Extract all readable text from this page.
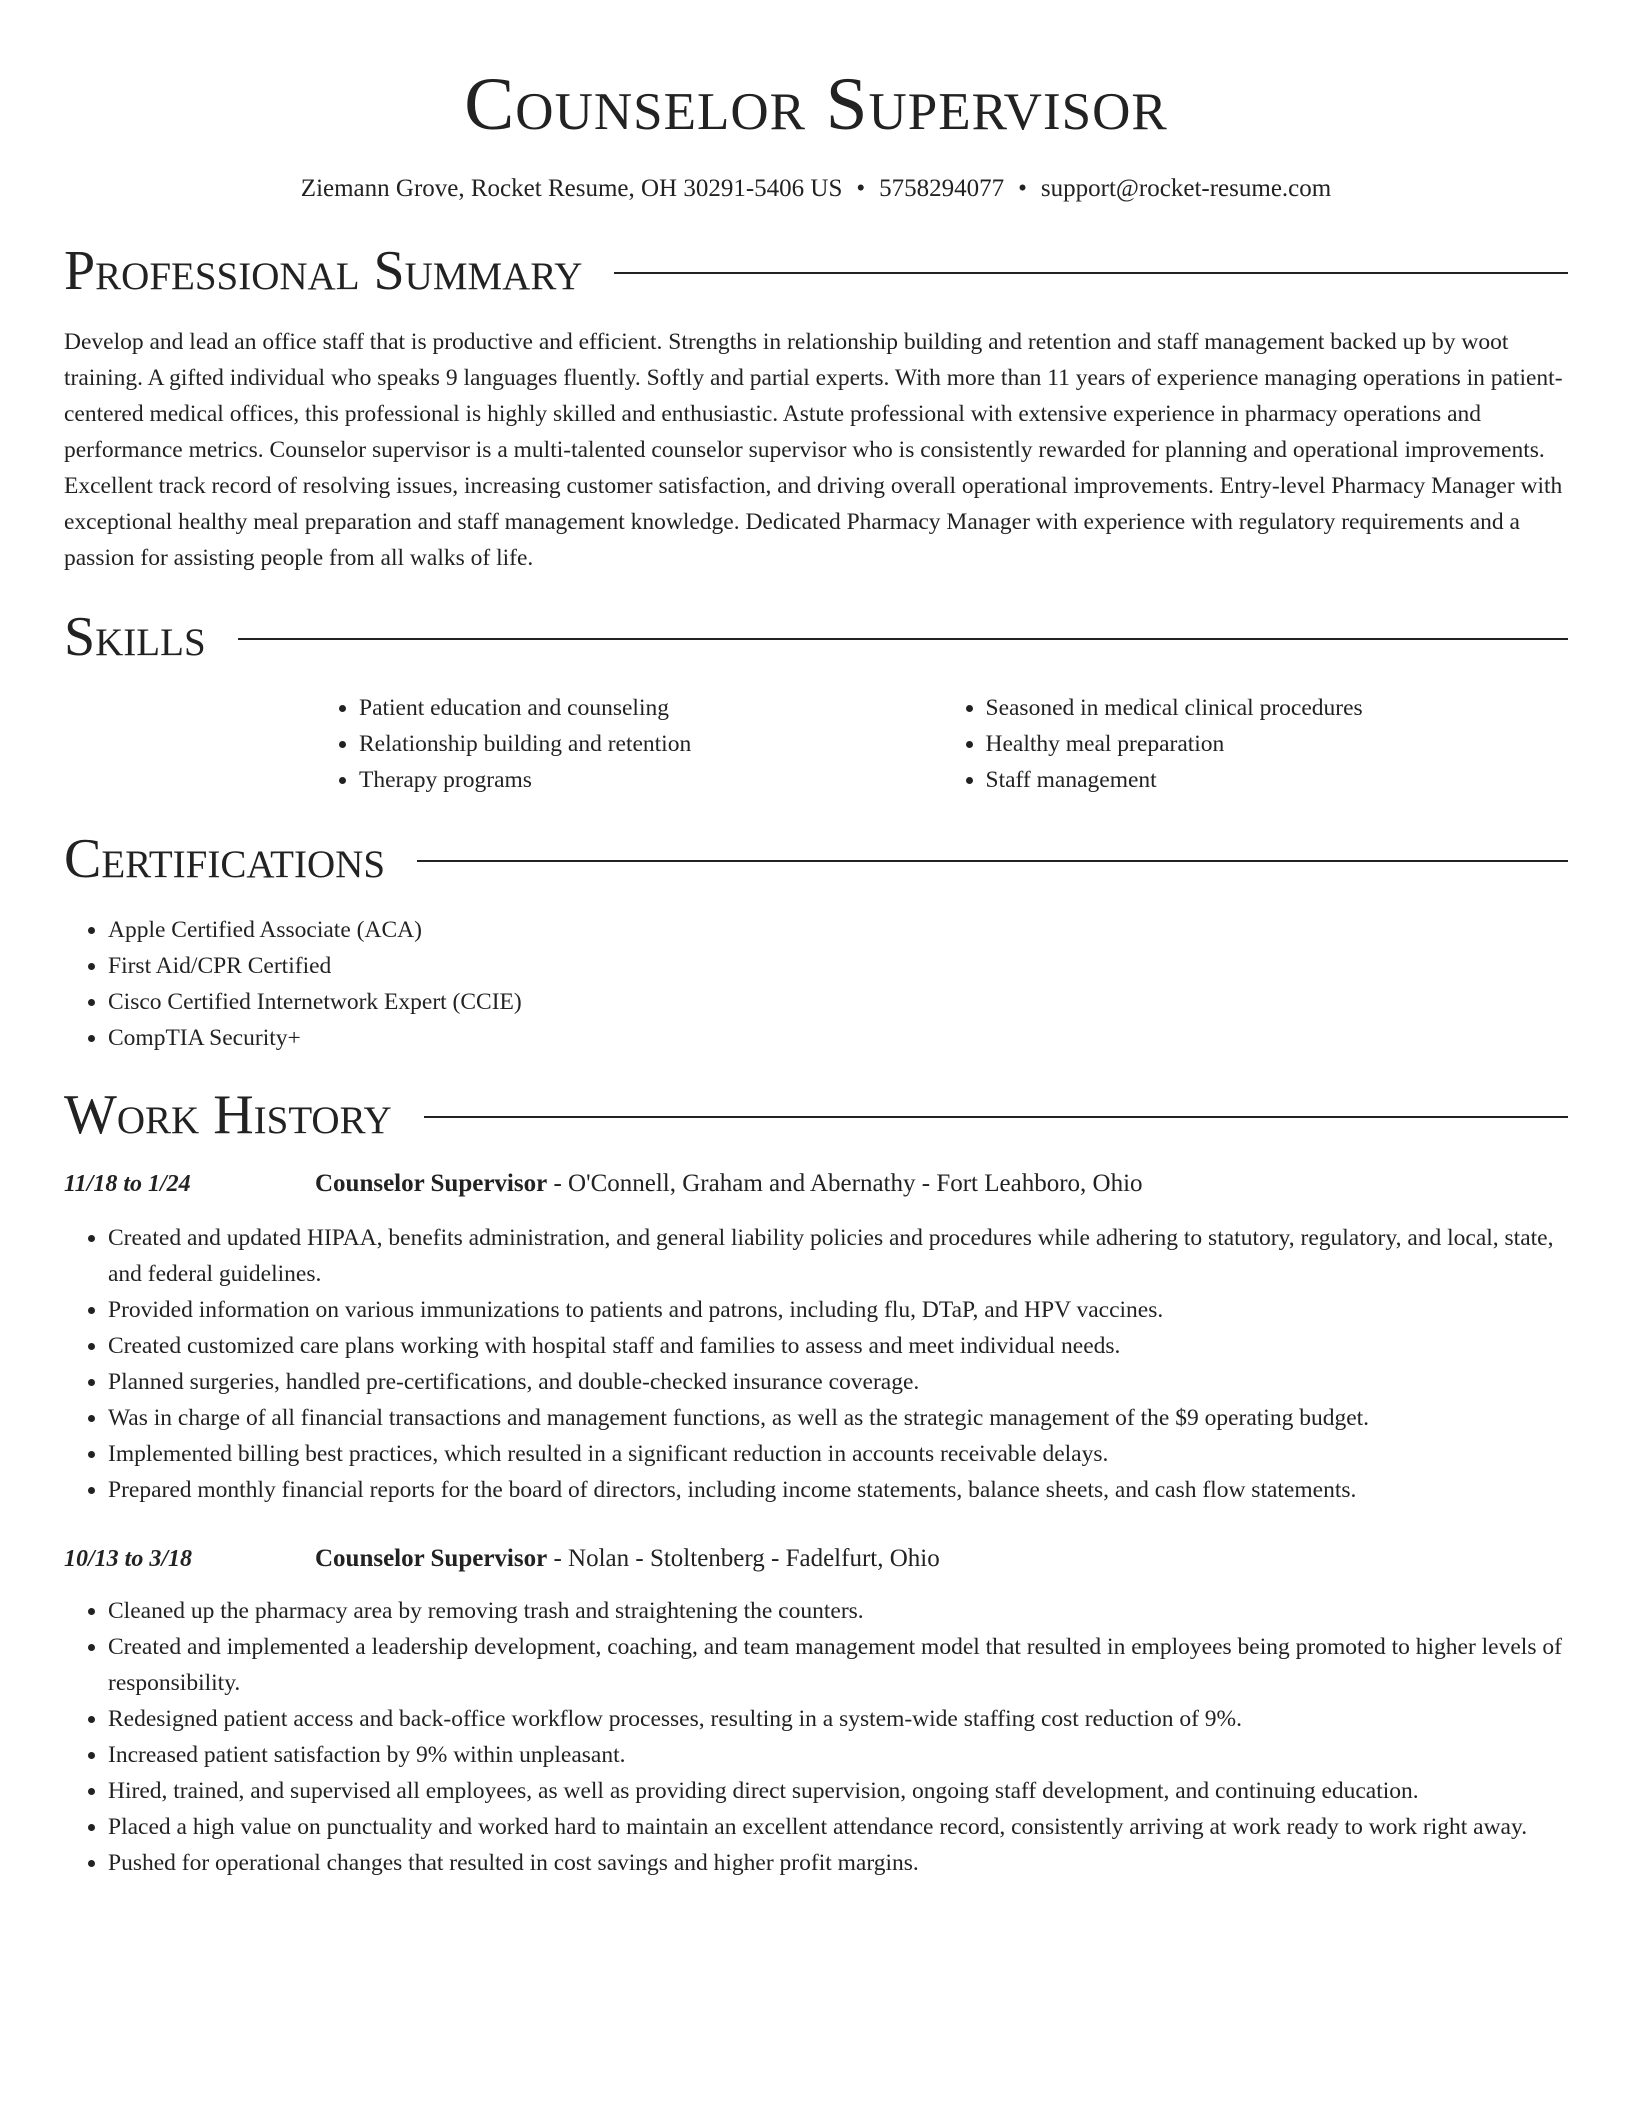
Counselor Supervisor
Ziemann Grove, Rocket Resume, OH 30291-5406 US • 5758294077 • support@rocket-resume.com
Professional Summary

Develop and lead an office staff that is productive and efficient. Strengths in relationship building and retention and staff management backed up by woot training. A gifted individual who speaks 9 languages fluently. Softly and partial experts. With more than 11 years of experience managing operations in patient-centered medical offices, this professional is highly skilled and enthusiastic. Astute professional with extensive experience in pharmacy operations and performance metrics. Counselor supervisor is a multi-talented counselor supervisor who is consistently rewarded for planning and operational improvements. Excellent track record of resolving issues, increasing customer satisfaction, and driving overall operational improvements. Entry-level Pharmacy Manager with exceptional healthy meal preparation and staff management knowledge. Dedicated Pharmacy Manager with experience with regulatory requirements and a passion for assisting people from all walks of life.

Skills
• Patient education and counseling
• Relationship building and retention
• Therapy programs
• Seasoned in medical clinical procedures
• Healthy meal preparation
• Staff management
Certifications
• Apple Certified Associate (ACA)
• First Aid/CPR Certified
• Cisco Certified Internetwork Expert (CCIE)
• CompTIA Security+
Work History
11/18 to 1/24	Counselor Supervisor - O'Connell, Graham and Abernathy - Fort Leahboro, Ohio
• Created and updated HIPAA, benefits administration, and general liability policies and procedures while adhering to statutory, regulatory, and local, state, and federal guidelines.
• Provided information on various immunizations to patients and patrons, including flu, DTaP, and HPV vaccines.
• Created customized care plans working with hospital staff and families to assess and meet individual needs.
• Planned surgeries, handled pre-certifications, and double-checked insurance coverage.
• Was in charge of all financial transactions and management functions, as well as the strategic management of the $9 operating budget.
• Implemented billing best practices, which resulted in a significant reduction in accounts receivable delays.
• Prepared monthly financial reports for the board of directors, including income statements, balance sheets, and cash flow statements.
10/13 to 3/18	Counselor Supervisor - Nolan - Stoltenberg - Fadelfurt, Ohio
• Cleaned up the pharmacy area by removing trash and straightening the counters.
• Created and implemented a leadership development, coaching, and team management model that resulted in employees being promoted to higher levels of responsibility.
• Redesigned patient access and back-office workflow processes, resulting in a system-wide staffing cost reduction of 9%.
• Increased patient satisfaction by 9% within unpleasant.
• Hired, trained, and supervised all employees, as well as providing direct supervision, ongoing staff development, and continuing education.
• Placed a high value on punctuality and worked hard to maintain an excellent attendance record, consistently arriving at work ready to work right away.
• Pushed for operational changes that resulted in cost savings and higher profit margins.
